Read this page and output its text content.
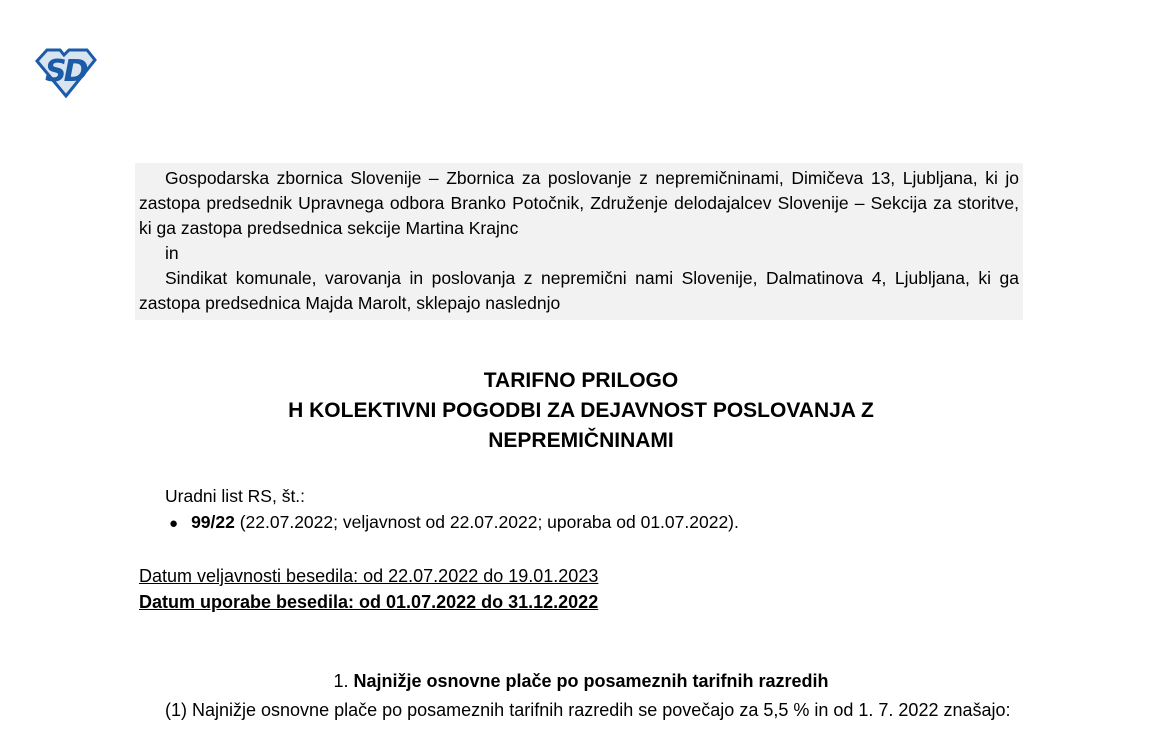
SD

Gospodarska zbornica Slovenije – Zbornica za poslovanje z nepremičninami, Dimičeva 13, Ljubljana, ki jo zastopa predsednik Upravnega odbora Branko Potočnik, Združenje delodajalcev Slovenije – Sekcija za storitve, ki ga zastopa predsednica sekcije Martina Krajnc

in

Sindikat komunale, varovanja in poslovanja z nepremični nami Slovenije, Dalmatinova 4, Ljubljana, ki ga zastopa predsednica Majda Marolt, sklepajo naslednjo

TARIFNO PRILOGO
H KOLEKTIVNI POGODBI ZA DEJAVNOST POSLOVANJA Z
NEPREMIČNINAMI
Uradni list RS, št.:
● 99/22 (22.07.2022; veljavnost od 22.07.2022; uporaba od 01.07.2022).
Datum veljavnosti besedila: od 22.07.2022 do 19.01.2023
Datum uporabe besedila: od 01.07.2022 do 31.12.2022
1. Najnižje osnovne plače po posameznih tarifnih razredih

(1) Najnižje osnovne plače po posameznih tarifnih razredih se povečajo za 5,5 % in od 1. 7. 2022 znašajo:
